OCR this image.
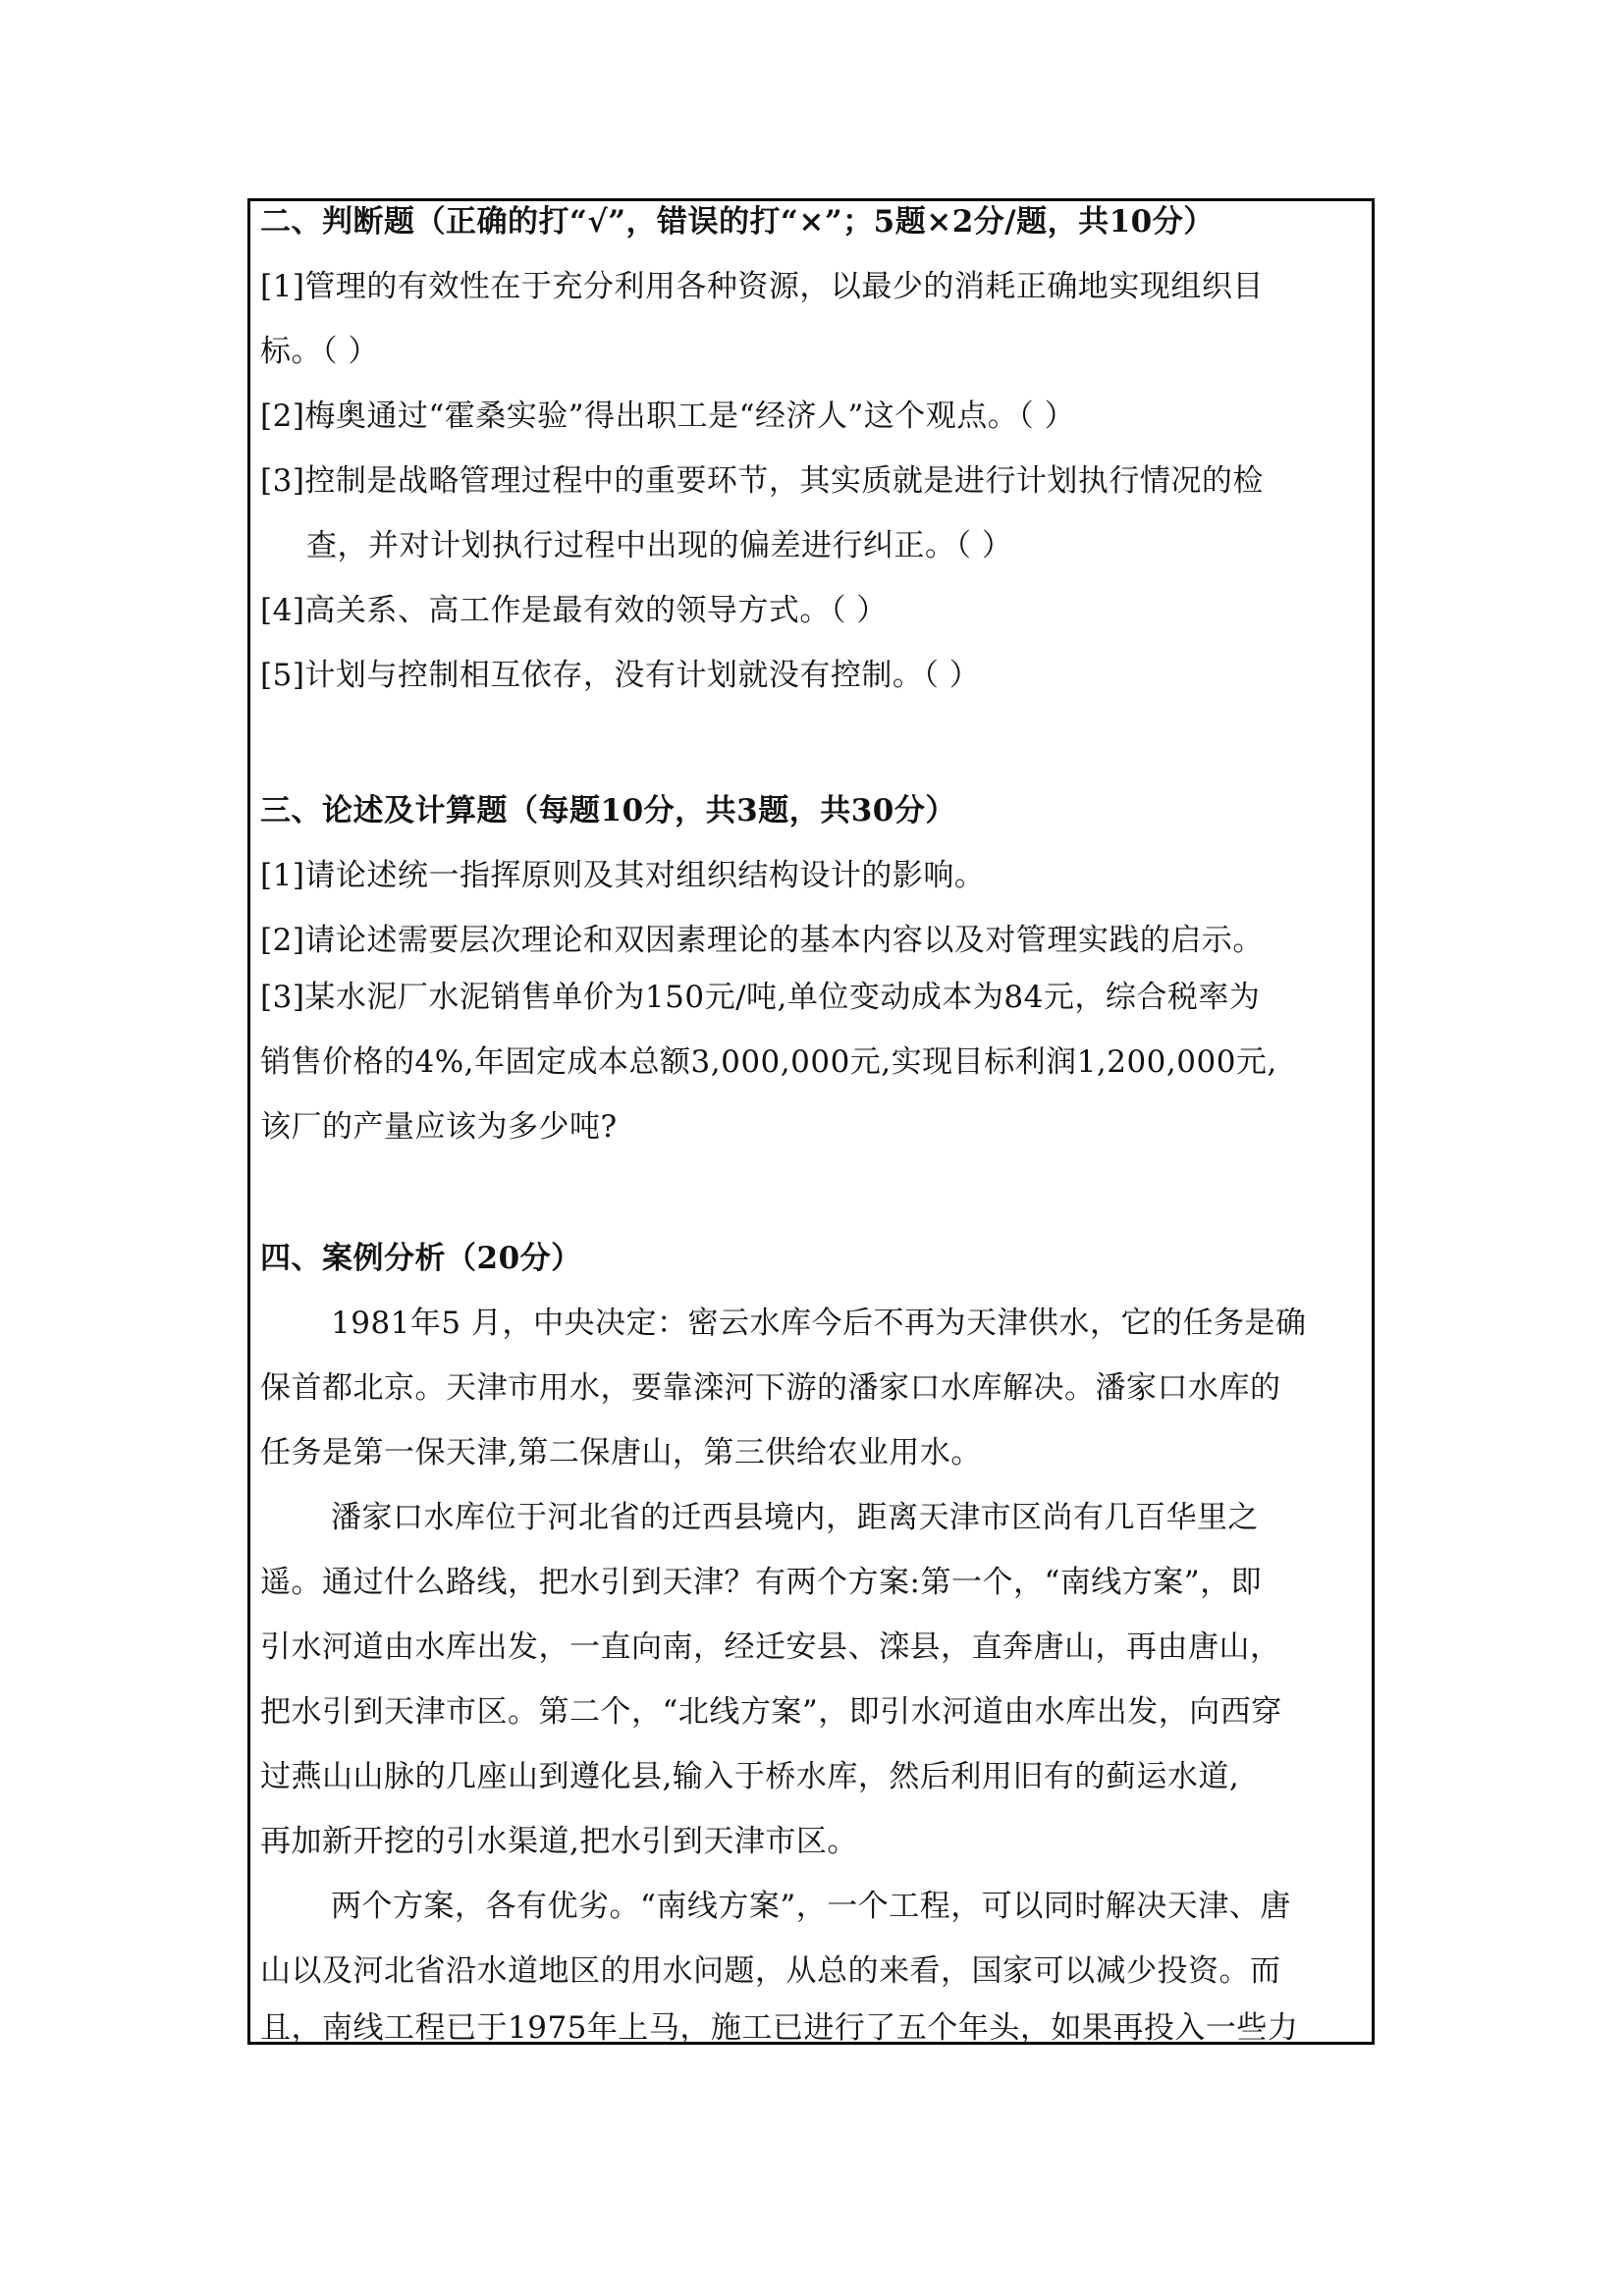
二、判断题（正确的打“√”，错误的打“×”；5题×2分/题，共10分）
[1]管理的有效性在于充分利用各种资源，以最少的消耗正确地实现组织目
标。（ ）
[2]梅奥通过“霍桑实验”得出职工是“经济人”这个观点。（ ）
[3]控制是战略管理过程中的重要环节，其实质就是进行计划执行情况的检
查，并对计划执行过程中出现的偏差进行纠正。（ ）
[4]高关系、高工作是最有效的领导方式。（ ）
[5]计划与控制相互依存，没有计划就没有控制。（ ）
三、论述及计算题（每题10分，共3题，共30分）
[1]请论述统一指挥原则及其对组织结构设计的影响。
[2]请论述需要层次理论和双因素理论的基本内容以及对管理实践的启示。
[3]某水泥厂水泥销售单价为150元/吨,单位变动成本为84元，综合税率为
销售价格的4%,年固定成本总额3,000,000元,实现目标利润1,200,000元,
该厂的产量应该为多少吨?
四、案例分析（20分）
1981年5 月，中央决定：密云水库今后不再为天津供水，它的任务是确
保首都北京。天津市用水，要靠滦河下游的潘家口水库解决。潘家口水库的
任务是第一保天津,第二保唐山，第三供给农业用水。
潘家口水库位于河北省的迁西县境内，距离天津市区尚有几百华里之
遥。通过什么路线，把水引到天津？有两个方案:第一个，“南线方案”，即
引水河道由水库出发，一直向南，经迁安县、滦县，直奔唐山，再由唐山，
把水引到天津市区。第二个，“北线方案”，即引水河道由水库出发，向西穿
过燕山山脉的几座山到遵化县,输入于桥水库，然后利用旧有的蓟运水道,
再加新开挖的引水渠道,把水引到天津市区。
两个方案，各有优劣。“南线方案”，一个工程，可以同时解决天津、唐
山以及河北省沿水道地区的用水问题，从总的来看，国家可以减少投资。而
且，南线工程已于1975年上马，施工已进行了五个年头，如果再投入一些力
